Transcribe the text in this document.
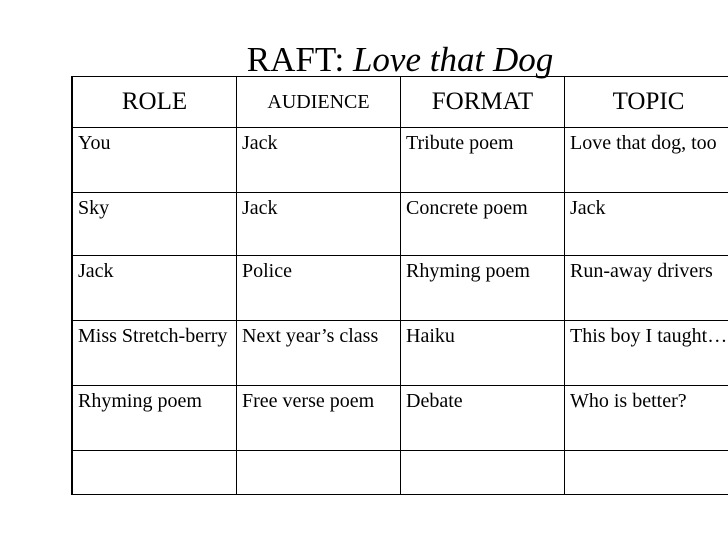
RAFT: Love that Dog
ROLE	AUDIENCE	FORMAT	TOPIC
You	Jack	Tribute poem	Love that dog, too
Sky	Jack	Concrete poem	Jack
Jack	Police	Rhyming poem	Run-away drivers
Miss Stretch-berry	Next year’s class	Haiku	This boy I taught…
Rhyming poem	Free verse poem	Debate	Who is better?
